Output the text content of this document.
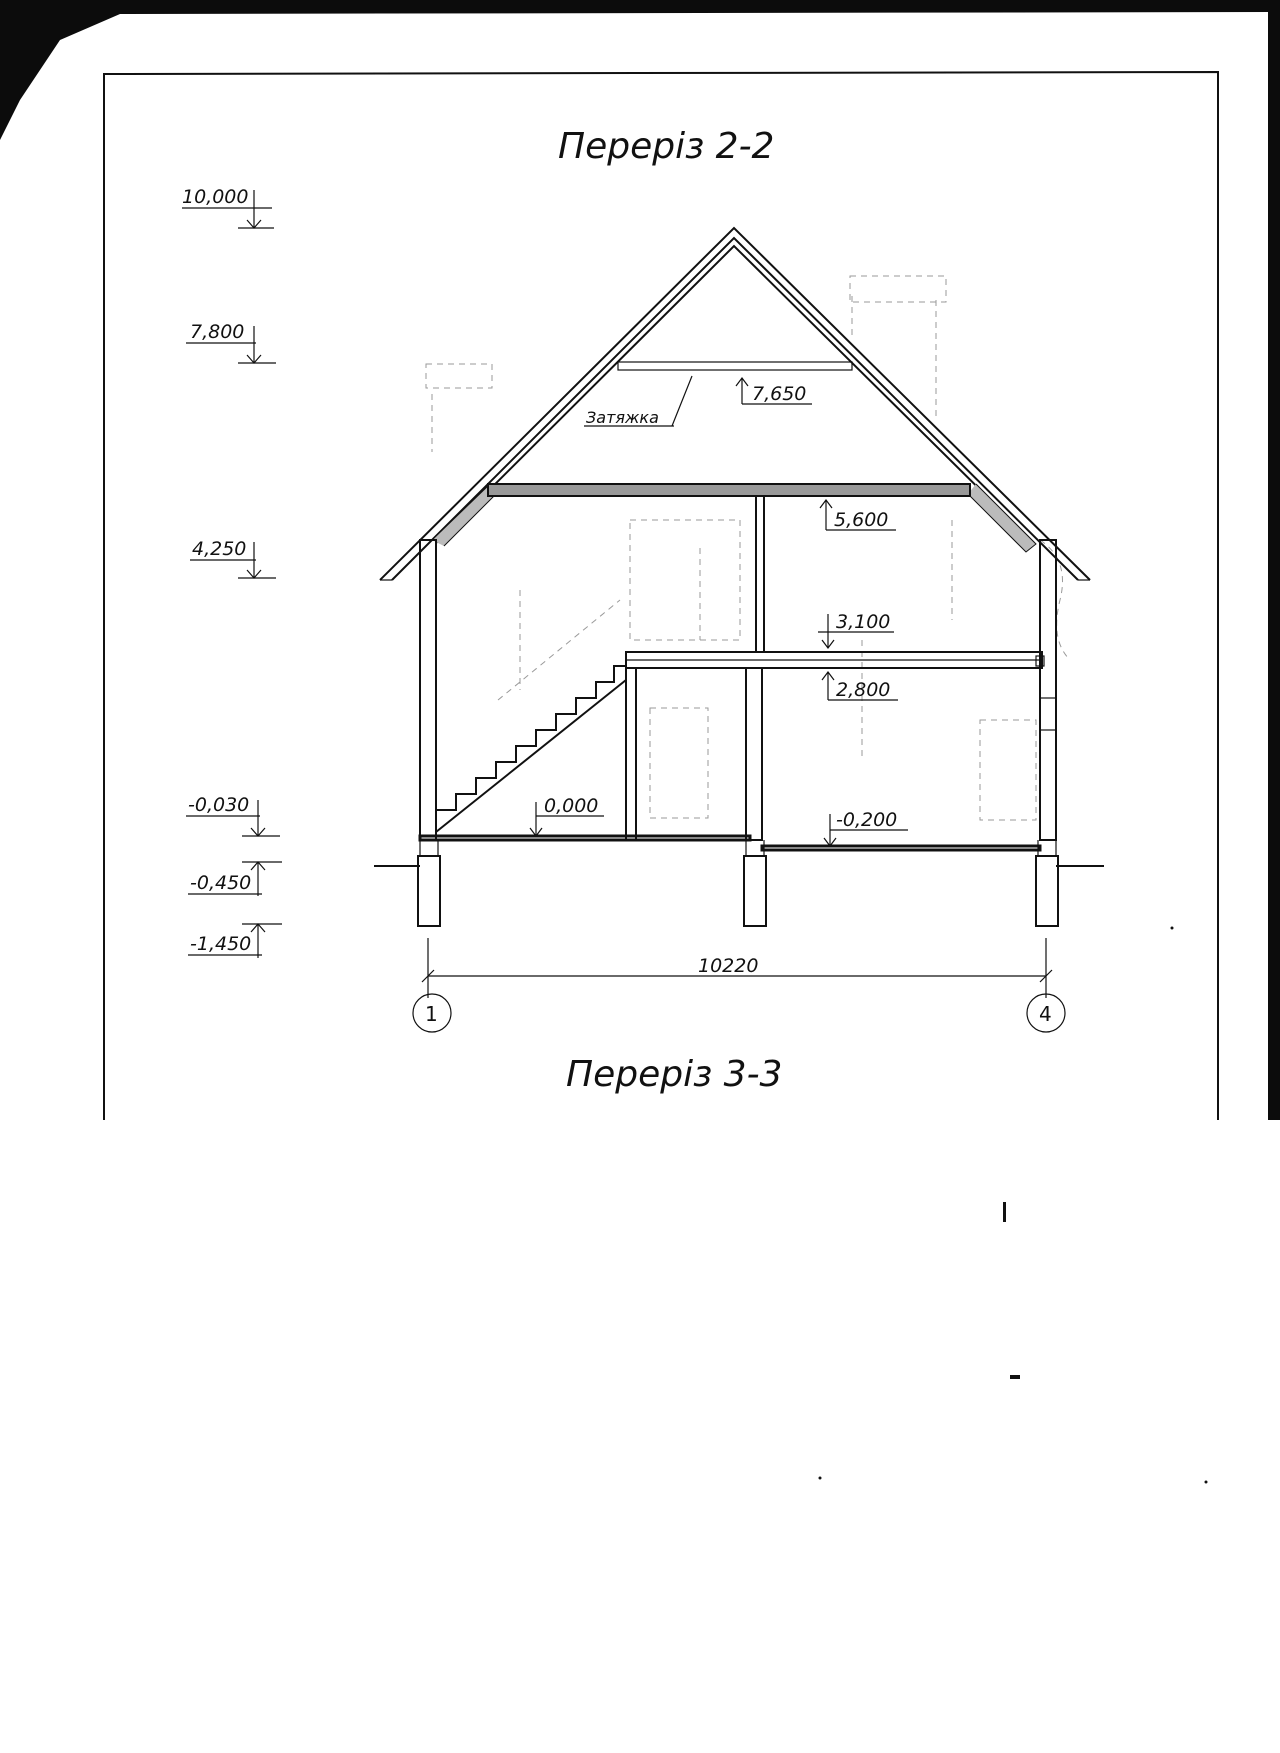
Переріз 2-2
Переріз 3-3
10,000
7,800
4,250
-0,030
-0,450
-1,450
Затяжка
7,650
5,600
3,100
2,800
0,000
-0,200
10220
1	4
